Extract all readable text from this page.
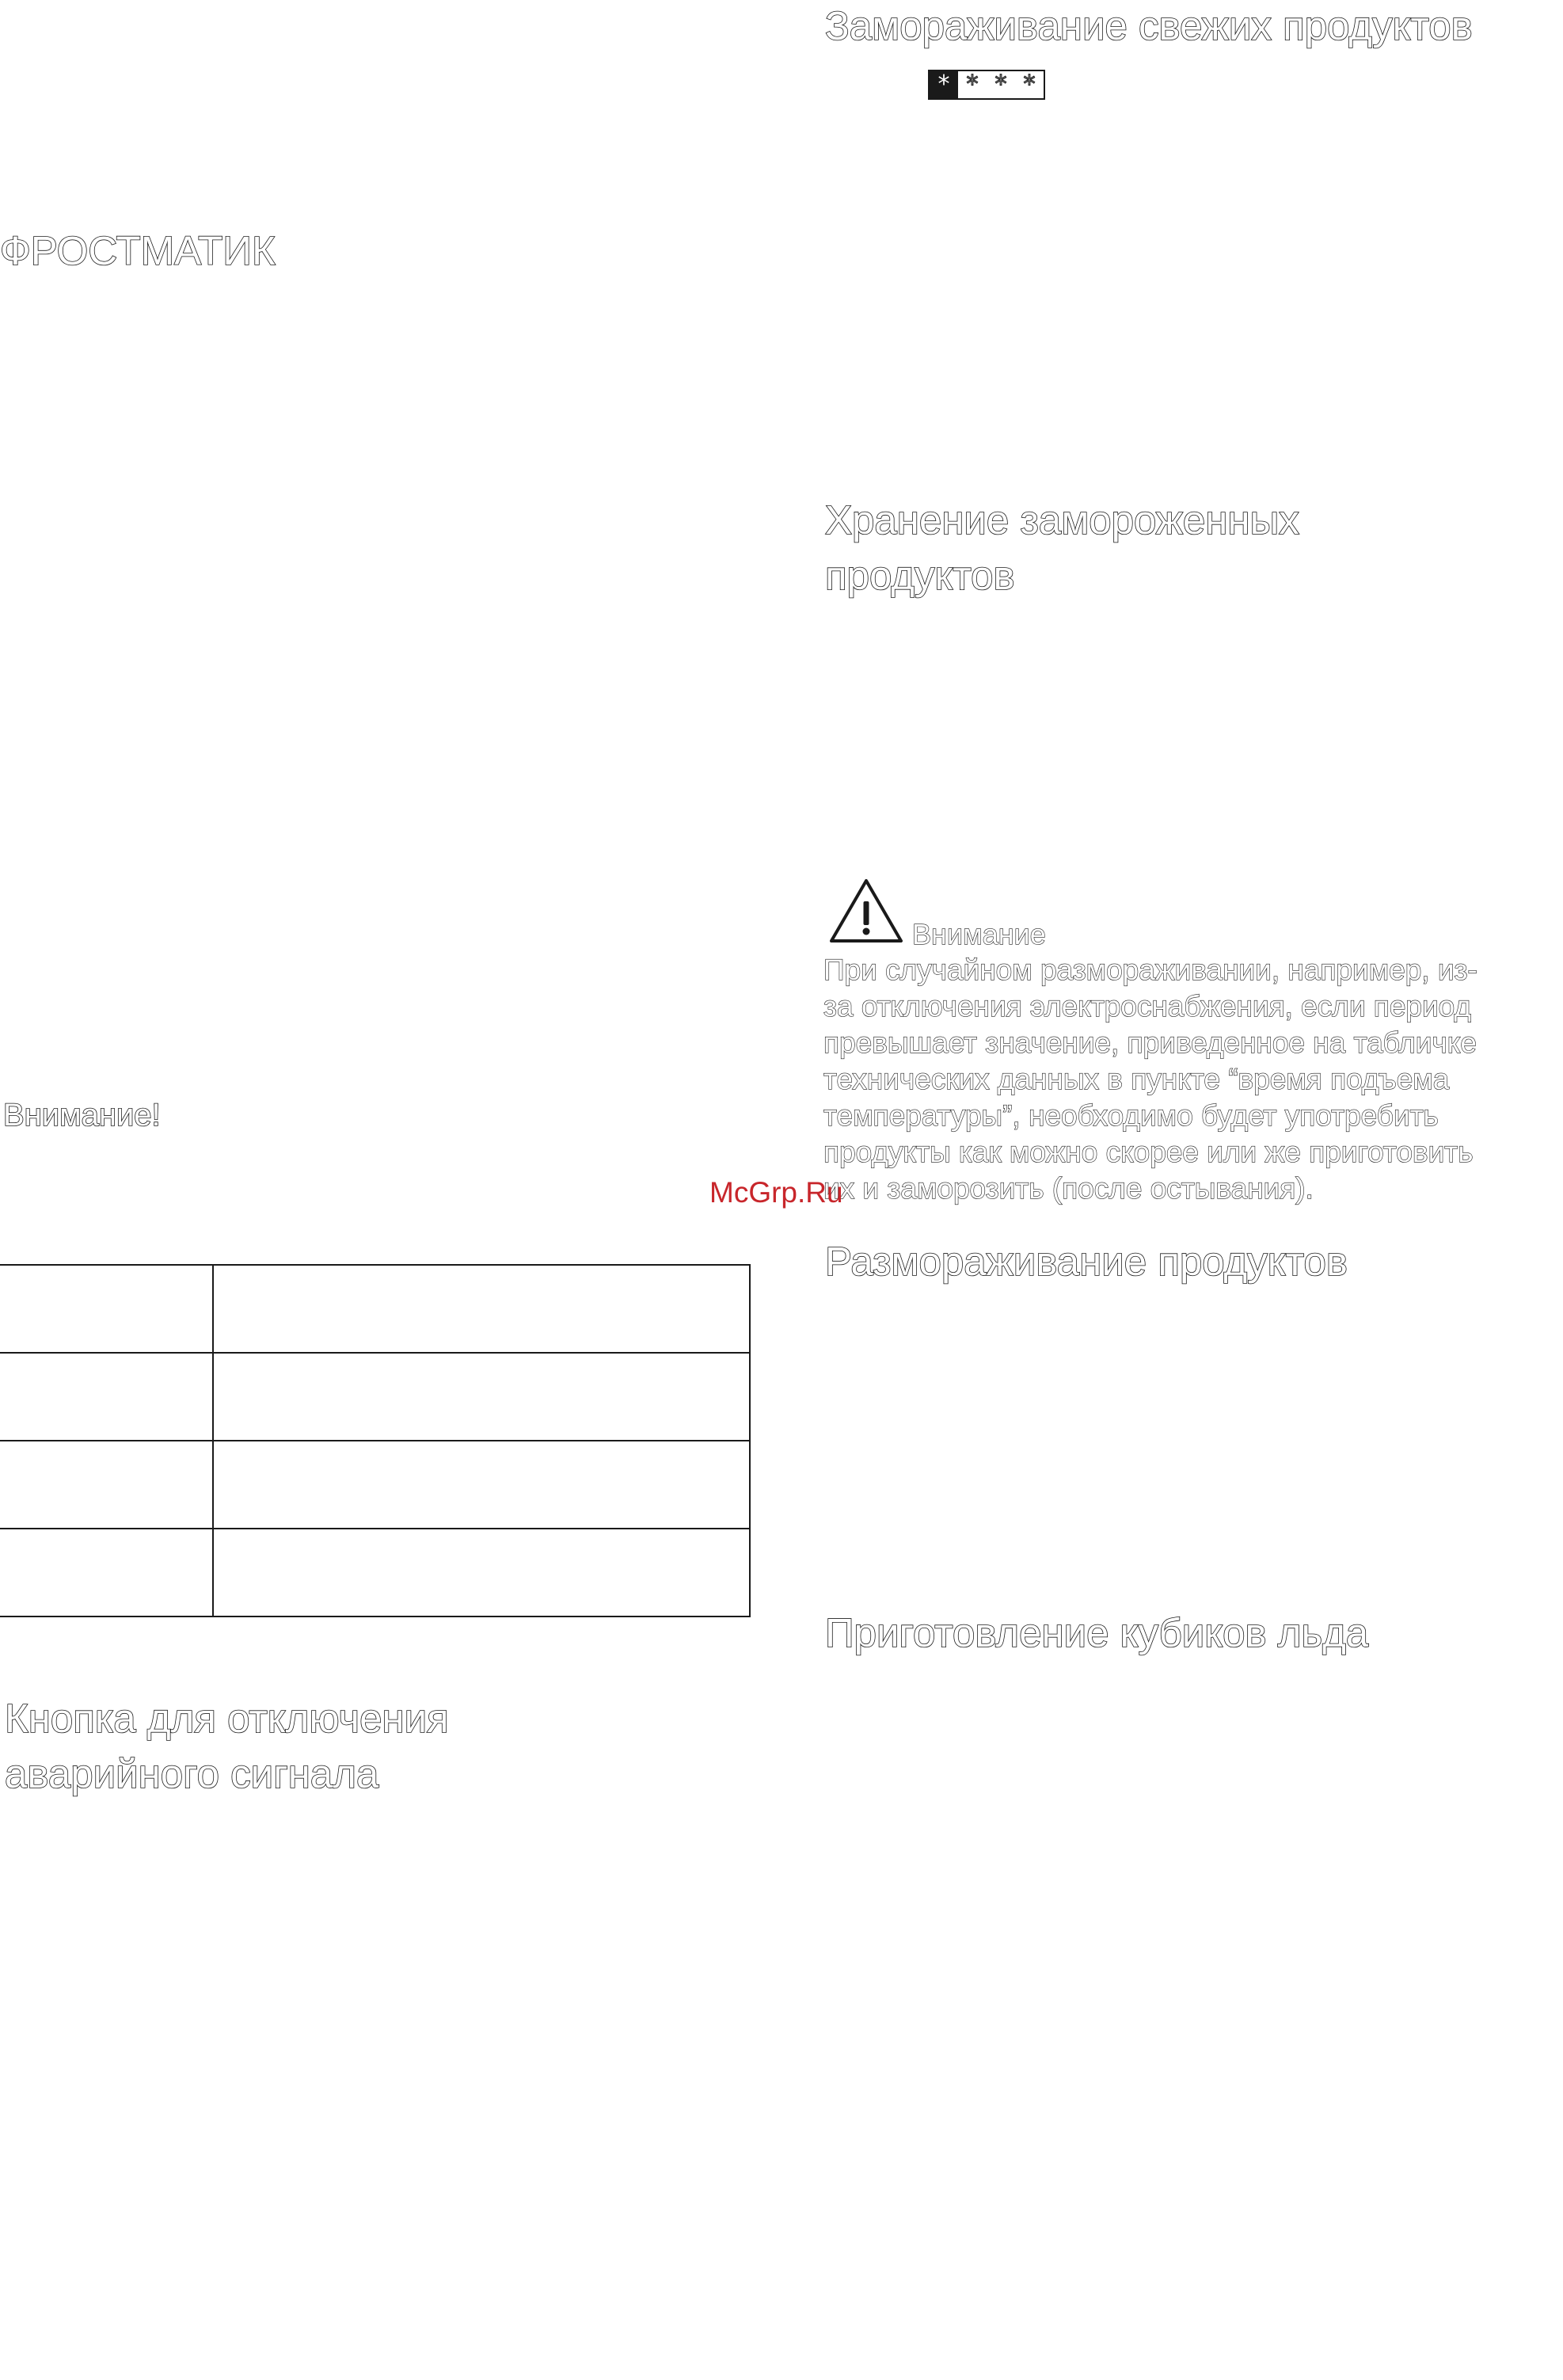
ФРОСТМАТИК
Внимание!

Кнопка для отключения
аварийного сигнала
Замораживание свежих продуктов
* * * *
Хранение замороженных
продуктов
Внимание
При случайном размораживании, например, из-
за отключения электроснабжения, если период
превышает значение, приведенное на табличке
технических данных в пункте “время подъема
температуры”, необходимо будет употребить
продукты как можно скорее или же приготовить
их и заморозить (после остывания).
McGrp.Ru
Размораживание продуктов
Приготовление кубиков льда
